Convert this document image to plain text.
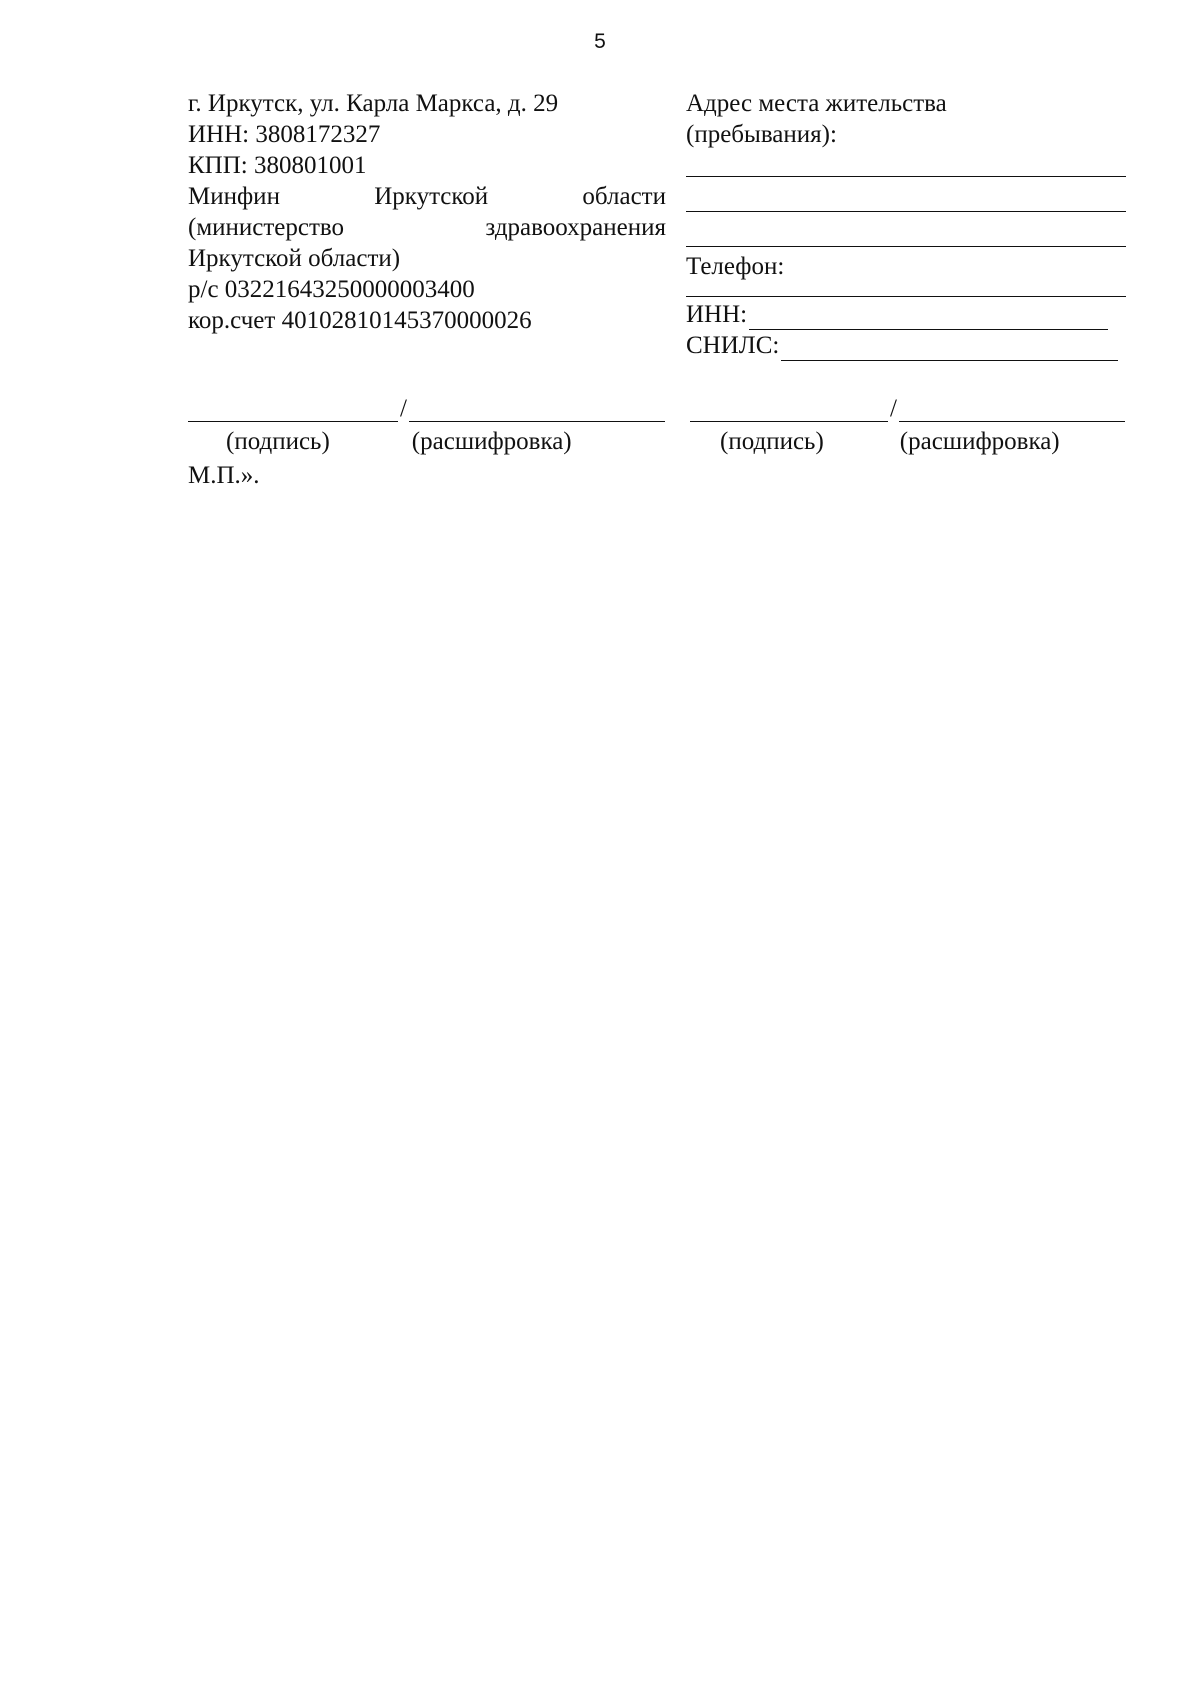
5
г. Иркутск, ул. Карла Маркса, д. 29
ИНН: 3808172327
КПП: 380801001
Минфин	Иркутской	области
(министерство	здравоохранения
Иркутской области)
р/с 03221643250000003400
кор.счет 40102810145370000026
Адрес места жительства
(пребывания):
Телефон:
ИНН:
СНИЛС:
/	/
(подпись)	(расшифровка)	(подпись)	(расшифровка)
М.П.».
